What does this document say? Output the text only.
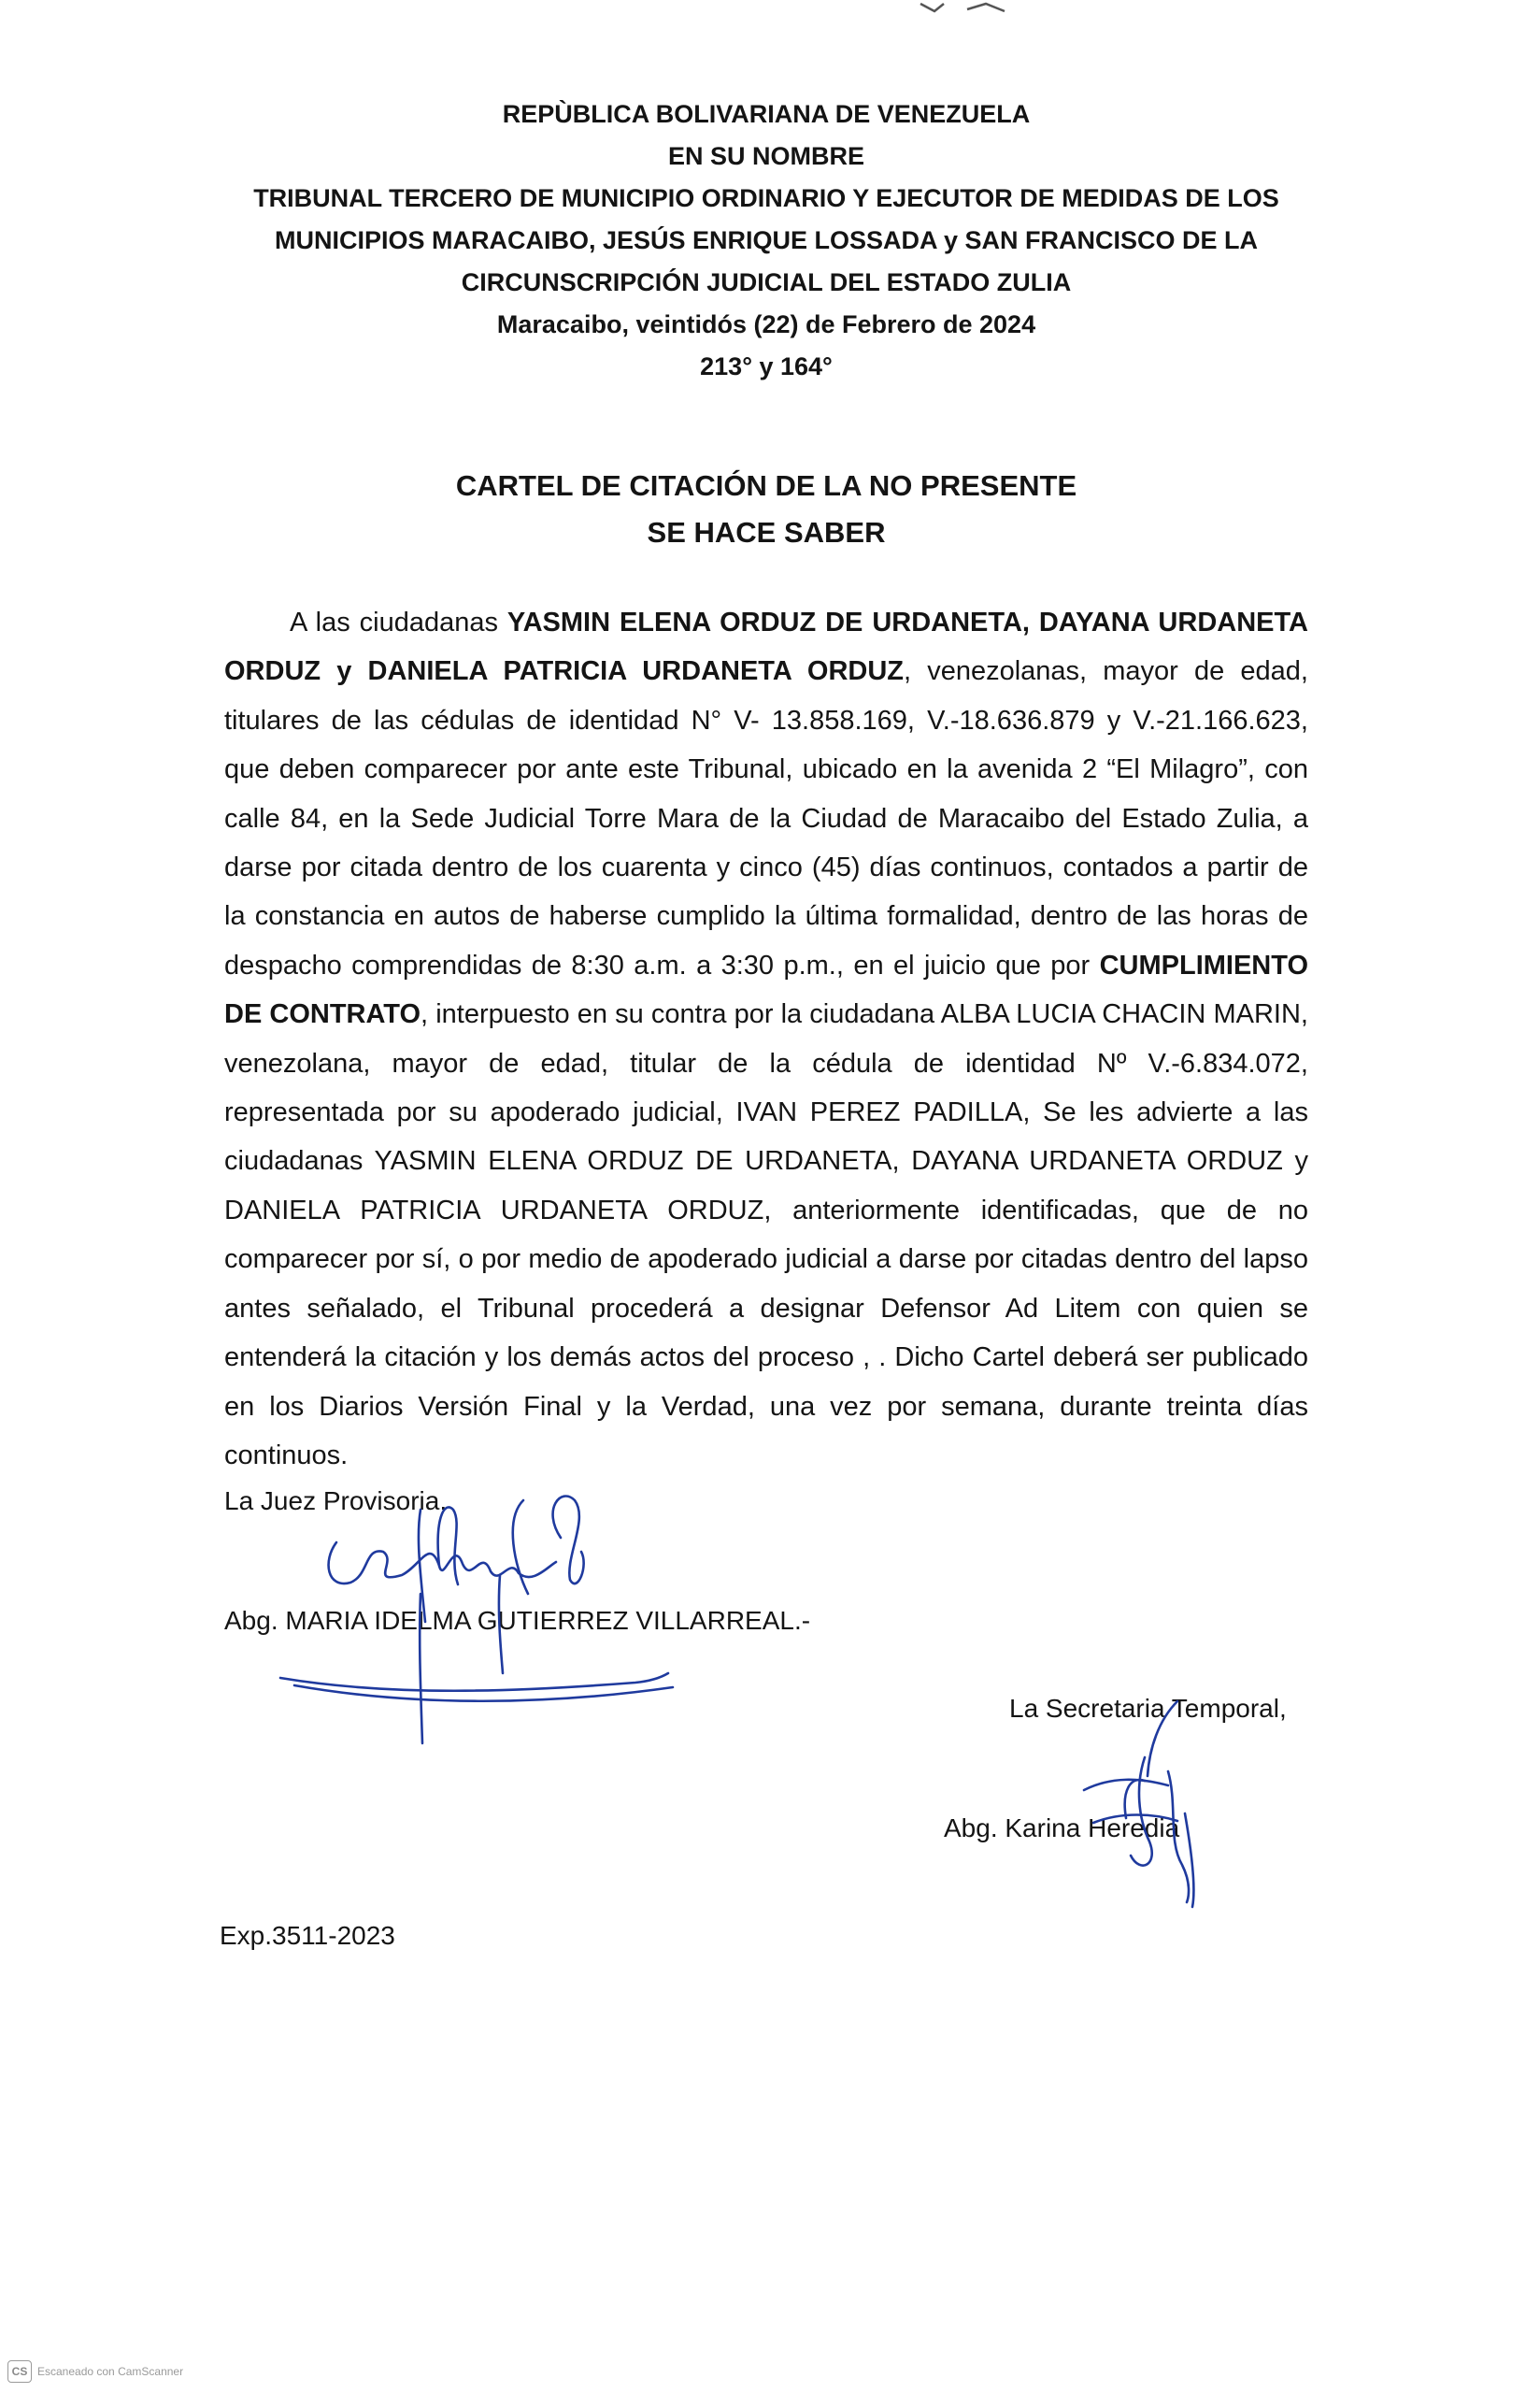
REPÙBLICA BOLIVARIANA DE VENEZUELA
EN SU NOMBRE
TRIBUNAL TERCERO DE MUNICIPIO ORDINARIO Y EJECUTOR DE MEDIDAS DE LOS
MUNICIPIOS MARACAIBO, JESÚS ENRIQUE LOSSADA y SAN FRANCISCO DE LA
CIRCUNSCRIPCIÓN JUDICIAL DEL ESTADO ZULIA
Maracaibo, veintidós (22) de Febrero de 2024
213° y 164°
CARTEL DE CITACIÓN DE LA NO PRESENTE
SE HACE SABER
A las ciudadanas YASMIN ELENA ORDUZ DE URDANETA, DAYANA URDANETA ORDUZ y DANIELA PATRICIA URDANETA ORDUZ, venezolanas, mayor de edad, titulares de las cédulas de identidad N° V- 13.858.169, V.-18.636.879 y V.-21.166.623, que deben comparecer por ante este Tribunal, ubicado en la avenida 2 “El Milagro”, con calle 84, en la Sede Judicial Torre Mara de la Ciudad de Maracaibo del Estado Zulia, a darse por citada dentro de los cuarenta y cinco (45) días continuos, contados a partir de la constancia en autos de haberse cumplido la última formalidad, dentro de las horas de despacho comprendidas de 8:30 a.m. a 3:30 p.m., en el juicio que por CUMPLIMIENTO DE CONTRATO, interpuesto en su contra por la ciudadana ALBA LUCIA CHACIN MARIN, venezolana, mayor de edad, titular de la cédula de identidad Nº V.-6.834.072, representada por su apoderado judicial, IVAN PEREZ PADILLA, Se les advierte a las ciudadanas YASMIN ELENA ORDUZ DE URDANETA, DAYANA URDANETA ORDUZ y DANIELA PATRICIA URDANETA ORDUZ, anteriormente identificadas, que de no comparecer por sí, o por medio de apoderado judicial a darse por citadas dentro del lapso antes señalado, el Tribunal procederá a designar Defensor Ad Litem con quien se entenderá la citación y los demás actos del proceso , . Dicho Cartel deberá ser publicado en los Diarios Versión Final y la Verdad, una vez por semana, durante treinta días continuos.
La Juez Provisoria,
Abg. MARIA IDELMA GUTIERREZ VILLARREAL.-
La Secretaria Temporal,
Abg. Karina Heredia
Exp.3511-2023
CS Escaneado con CamScanner
